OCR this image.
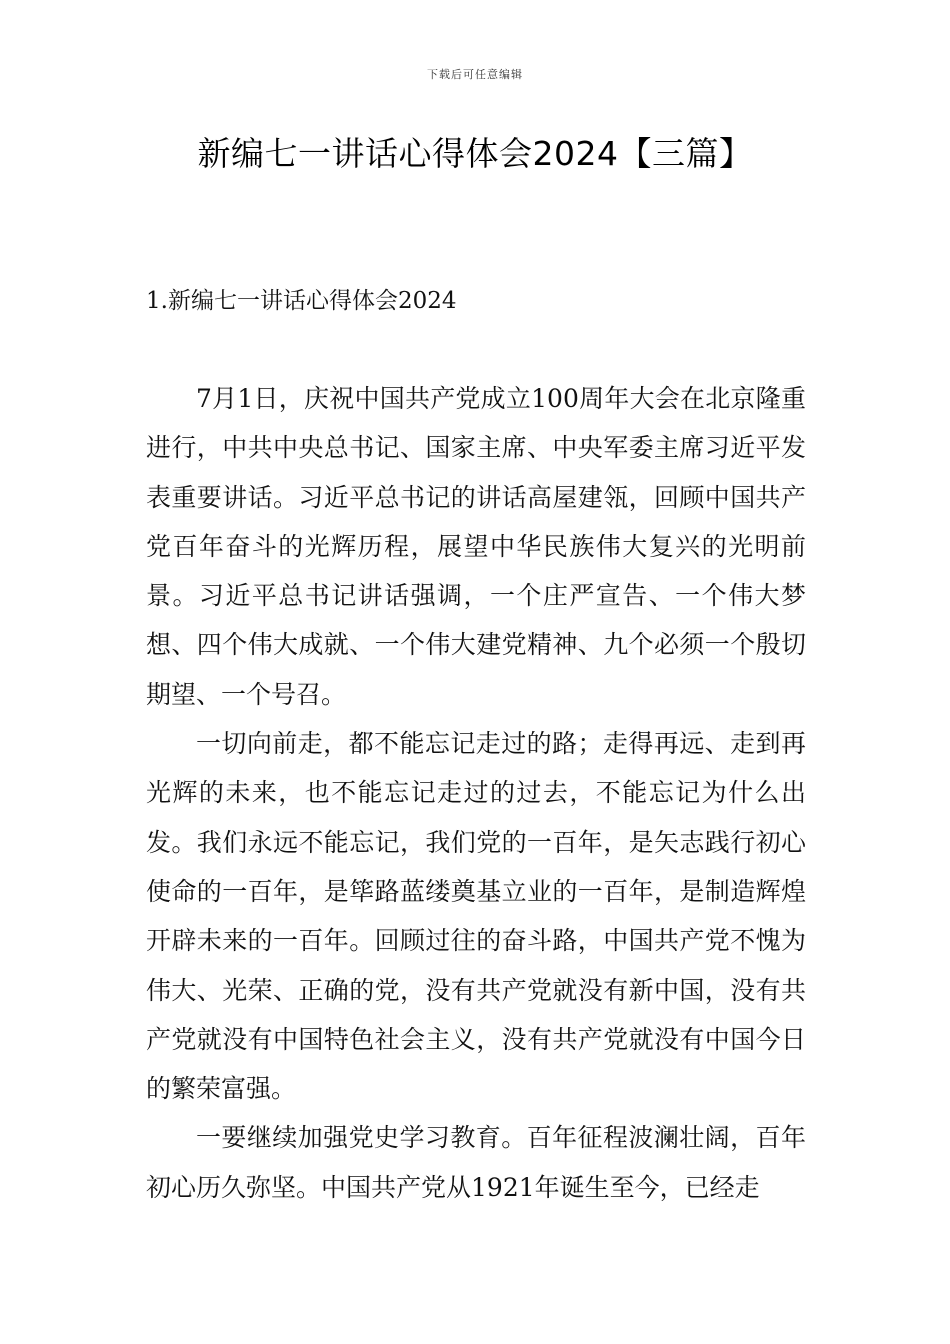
下载后可任意编辑
新编七一讲话心得体会2024【三篇】
1.新编七一讲话心得体会2024

7月1日，庆祝中国共产党成立100周年大会在北京隆重进行，中共中央总书记、国家主席、中央军委主席习近平发表重要讲话。习近平总书记的讲话高屋建瓴，回顾中国共产党百年奋斗的光辉历程，展望中华民族伟大复兴的光明前景。习近平总书记讲话强调，一个庄严宣告、一个伟大梦想、四个伟大成就、一个伟大建党精神、九个必须一个殷切期望、一个号召。

一切向前走，都不能忘记走过的路；走得再远、走到再光辉的未来，也不能忘记走过的过去，不能忘记为什么出发。我们永远不能忘记，我们党的一百年，是矢志践行初心使命的一百年，是筚路蓝缕奠基立业的一百年，是制造辉煌开辟未来的一百年。回顾过往的奋斗路，中国共产党不愧为伟大、光荣、正确的党，没有共产党就没有新中国，没有共产党就没有中国特色社会主义，没有共产党就没有中国今日的繁荣富强。

一要继续加强党史学习教育。百年征程波澜壮阔，百年初心历久弥坚。中国共产党从1921年诞生至今，已经走
